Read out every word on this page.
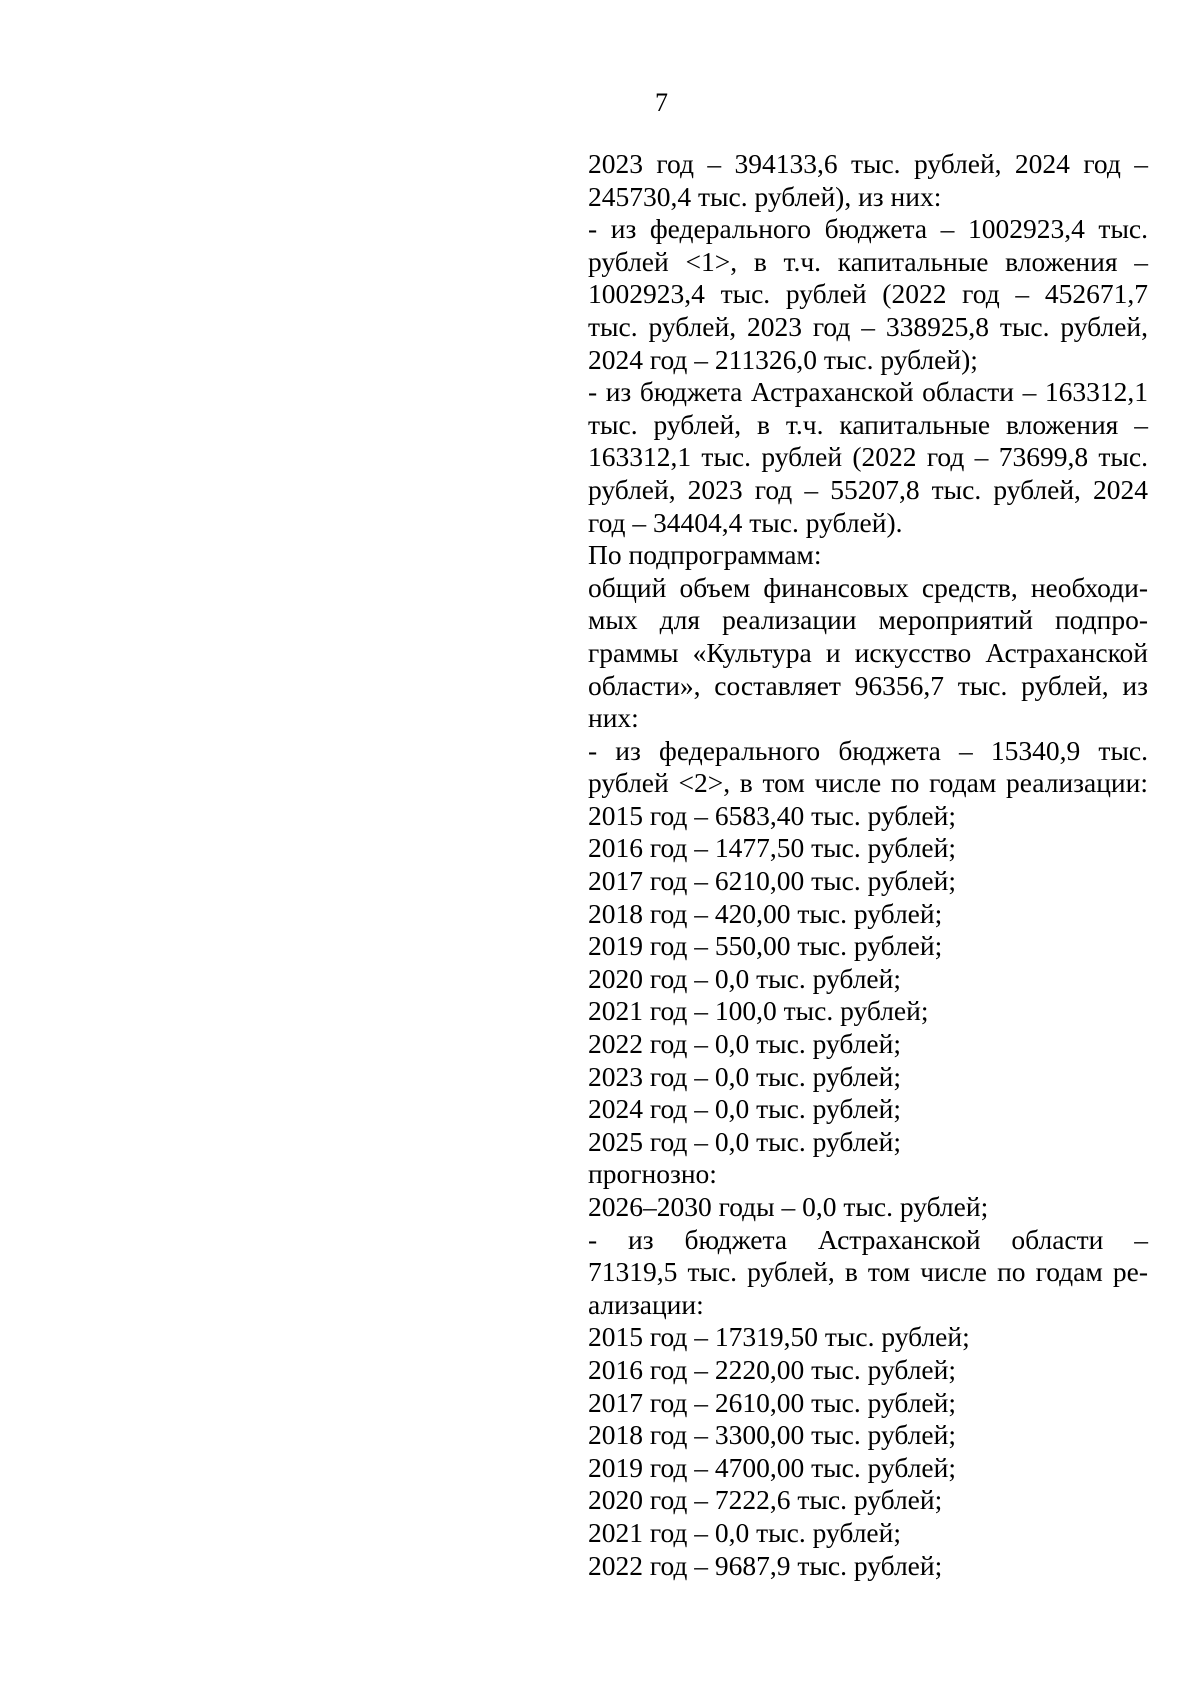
7
2023 год – 394133,6 тыс. рублей, 2024 год –
245730,4 тыс. рублей), из них:
- из федерального бюджета – 1002923,4 тыс.
рублей <1>, в т.ч. капитальные вложения –
1002923,4 тыс. рублей (2022 год – 452671,7
тыс. рублей, 2023 год – 338925,8 тыс. рублей,
2024 год – 211326,0 тыс. рублей);
- из бюджета Астраханской области – 163312,1
тыс. рублей, в т.ч. капитальные вложения –
163312,1 тыс. рублей (2022 год – 73699,8 тыс.
рублей, 2023 год – 55207,8 тыс. рублей, 2024
год – 34404,4 тыс. рублей).
По подпрограммам:
общий объем финансовых средств, необходи-
мых для реализации мероприятий подпро-
граммы «Культура и искусство Астраханской
области», составляет 96356,7 тыс. рублей, из
них:
- из федерального бюджета – 15340,9 тыс.
рублей <2>, в том числе по годам реализации:
2015 год – 6583,40 тыс. рублей;
2016 год – 1477,50 тыс. рублей;
2017 год – 6210,00 тыс. рублей;
2018 год – 420,00 тыс. рублей;
2019 год – 550,00 тыс. рублей;
2020 год – 0,0 тыс. рублей;
2021 год – 100,0 тыс. рублей;
2022 год – 0,0 тыс. рублей;
2023 год – 0,0 тыс. рублей;
2024 год – 0,0 тыс. рублей;
2025 год – 0,0 тыс. рублей;
прогнозно:
2026–2030 годы – 0,0 тыс. рублей;
- из бюджета Астраханской области –
71319,5 тыс. рублей, в том числе по годам ре-
ализации:
2015 год – 17319,50 тыс. рублей;
2016 год – 2220,00 тыс. рублей;
2017 год – 2610,00 тыс. рублей;
2018 год – 3300,00 тыс. рублей;
2019 год – 4700,00 тыс. рублей;
2020 год – 7222,6 тыс. рублей;
2021 год – 0,0 тыс. рублей;
2022 год – 9687,9 тыс. рублей;
